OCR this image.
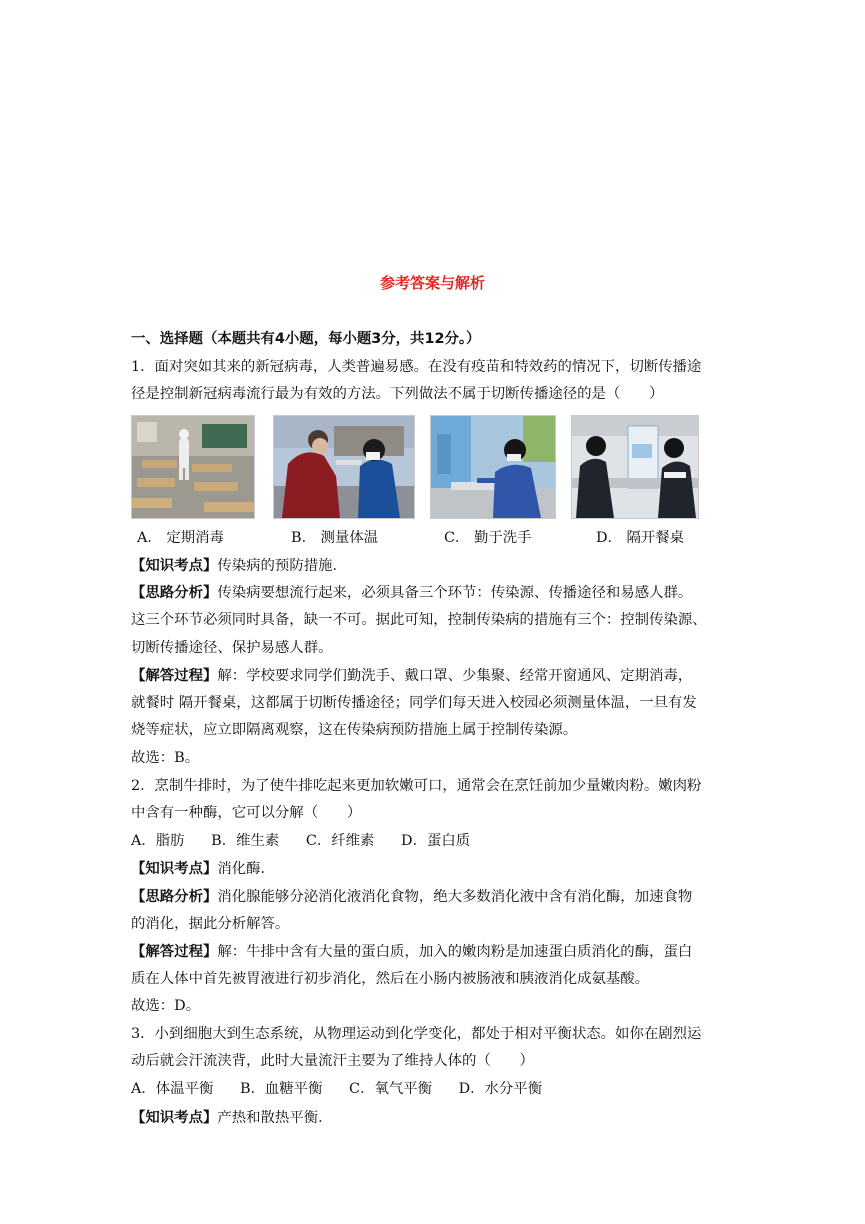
参考答案与解析
一、选择题（本题共有4小题，每小题3分，共12分。）
1．面对突如其来的新冠病毒，人类普遍易感。在没有疫苗和特效药的情况下，切断传播途
径是控制新冠病毒流行最为有效的方法。下列做法不属于切断传播途径的是（　　）
A． 定期消毒	B． 测量体温	C． 勤于洗手	D． 隔开餐桌
【知识考点】传染病的预防措施．
【思路分析】传染病要想流行起来，必须具备三个环节：传染源、传播途径和易感人群。
这三个环节必须同时具备，缺一不可。据此可知，控制传染病的措施有三个：控制传染源、
切断传播途径、保护易感人群。
【解答过程】解：学校要求同学们勤洗手、戴口罩、少集聚、经常开窗通风、定期消毒，
就餐时 隔开餐桌，这都属于切断传播途径；同学们每天进入校园必须测量体温，一旦有发
烧等症状，应立即隔离观察，这在传染病预防措施上属于控制传染源。
故选：B。
2．烹制牛排时，为了使牛排吃起来更加软嫩可口，通常会在烹饪前加少量嫩肉粉。嫩肉粉
中含有一种酶，它可以分解（　　）
A．脂肪 B．维生素 C．纤维素 D．蛋白质
【知识考点】消化酶．
【思路分析】消化腺能够分泌消化液消化食物，绝大多数消化液中含有消化酶，加速食物
的消化，据此分析解答。
【解答过程】解：牛排中含有大量的蛋白质，加入的嫩肉粉是加速蛋白质消化的酶，蛋白
质在人体中首先被胃液进行初步消化，然后在小肠内被肠液和胰液消化成氨基酸。
故选：D。
3．小到细胞大到生态系统，从物理运动到化学变化，都处于相对平衡状态。如你在剧烈运
动后就会汗流浃背，此时大量流汗主要为了维持人体的（　　）
A．体温平衡 B．血糖平衡 C．氧气平衡 D．水分平衡
【知识考点】产热和散热平衡．
